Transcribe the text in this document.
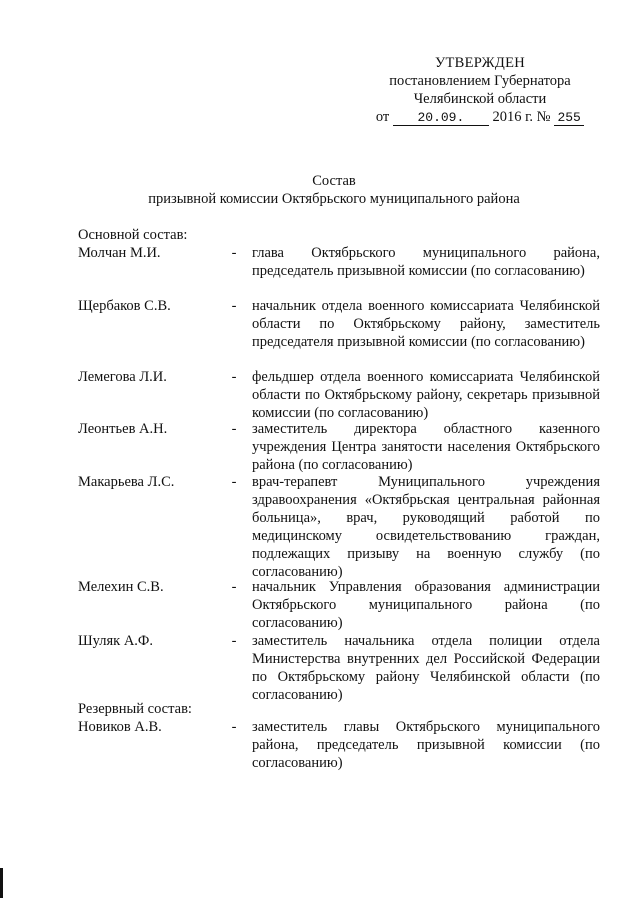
УТВЕРЖДЕН
постановлением Губернатора
Челябинской области
от 20.09. 2016 г. № 255
Состав
призывной комиссии Октябрьского муниципального района
Основной состав:
Молчан М.И.	- глава Октябрьского муниципального района, председатель призывной комиссии (по согласованию)
Щербаков С.В.	- начальник отдела военного комиссариата Челябинской области по Октябрьскому району, заместитель председателя призывной комиссии (по согласованию)
Лемегова Л.И.	- фельдшер отдела военного комиссариата Челябинской области по Октябрьскому району, секретарь призывной комиссии (по согласованию)
Леонтьев А.Н.	- заместитель директора областного казенного учреждения Центра занятости населения Октябрьского района (по согласованию)
Макарьева Л.С.	- врач-терапевт Муниципального учреждения здравоохранения «Октябрьская центральная районная больница», врач, руководящий работой по медицинскому освидетельствованию граждан, подлежащих призыву на военную службу (по согласованию)
Мелехин С.В.	- начальник Управления образования администрации Октябрьского муниципального района (по согласованию)
Шуляк А.Ф.	- заместитель начальника отдела полиции отдела Министерства внутренних дел Российской Федерации по Октябрьскому району Челябинской области (по согласованию)
Резервный состав:
Новиков А.В.	- заместитель главы Октябрьского муниципального района, председатель призывной комиссии (по согласованию)
